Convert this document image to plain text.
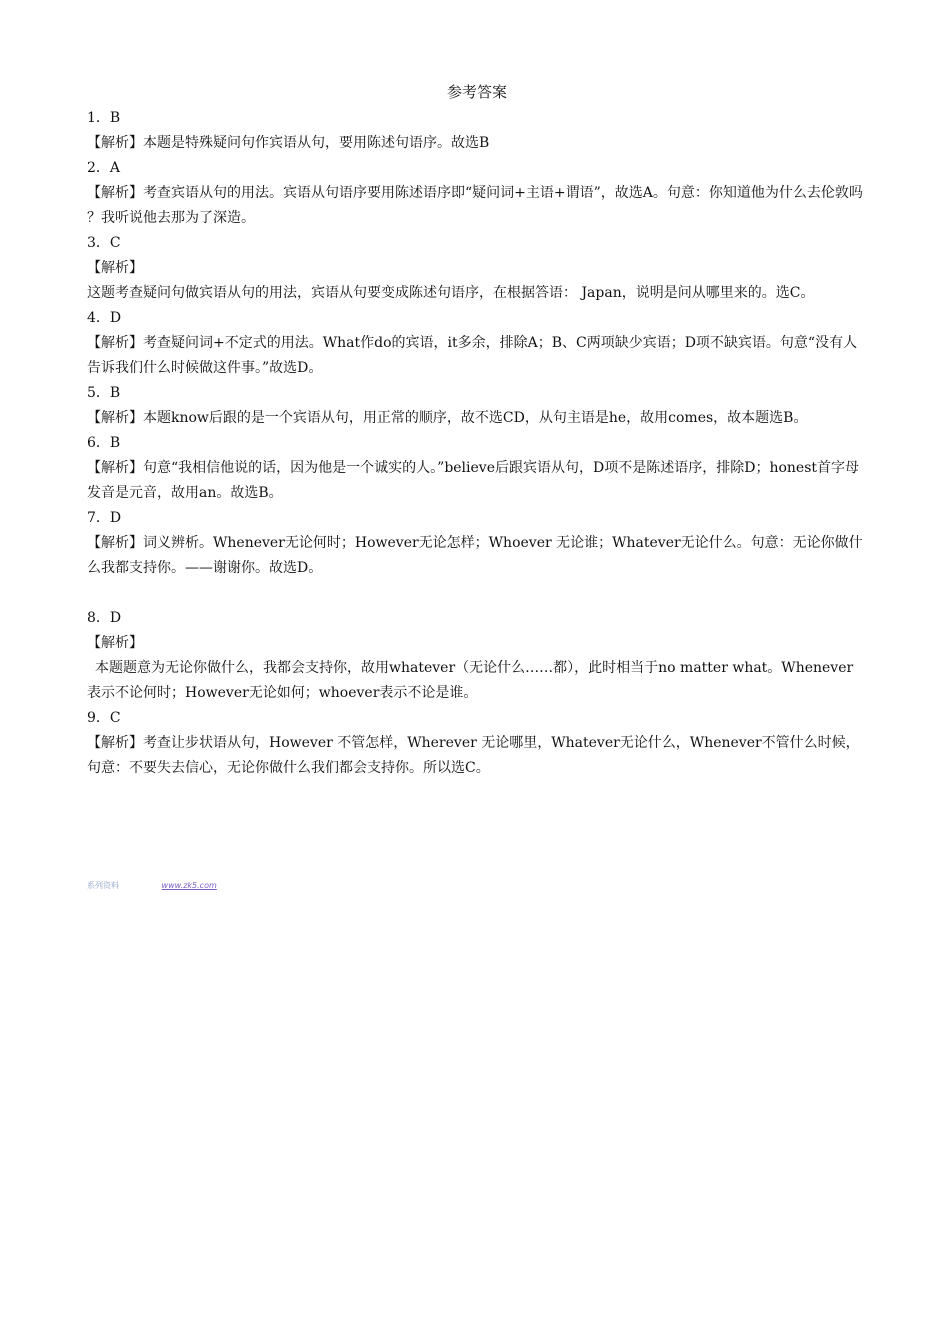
参考答案

1．B

【解析】本题是特殊疑问句作宾语从句，要用陈述句语序。故选B

2．A

【解析】考查宾语从句的用法。宾语从句语序要用陈述语序即“疑问词+主语+谓语”，故选A。句意：你知道他为什么去伦敦吗 ？我听说他去那为了深造。

3．C

【解析】

这题考查疑问句做宾语从句的用法，宾语从句要变成陈述句语序，在根据答语： Japan，说明是问从哪里来的。选C。

4．D

【解析】考查疑问词+不定式的用法。What作do的宾语，it多余，排除A；B、C两项缺少宾语；D项不缺宾语。句意“没有人告诉我们什么时候做这件事。”故选D。

5．B

【解析】本题know后跟的是一个宾语从句，用正常的顺序，故不选CD，从句主语是he，故用comes，故本题选B。

6．B

【解析】句意“我相信他说的话，因为他是一个诚实的人。”believe后跟宾语从句，D项不是陈述语序，排除D；honest首字母发音是元音，故用an。故选B。

7．D

【解析】词义辨析。Whenever无论何时；However无论怎样；Whoever 无论谁；Whatever无论什么。句意：无论你做什么我都支持你。——谢谢你。故选D。

8．D

【解析】

本题题意为无论你做什么，我都会支持你，故用whatever（无论什么……都），此时相当于no matter what。Whenever表示不论何时；However无论如何；whoever表示不论是谁。

9．C

【解析】考查让步状语从句，However 不管怎样，Wherever 无论哪里，Whatever无论什么，Whenever不管什么时候，句意：不要失去信心，无论你做什么我们都会支持你。所以选C。

系列资料	www.zk5.com
